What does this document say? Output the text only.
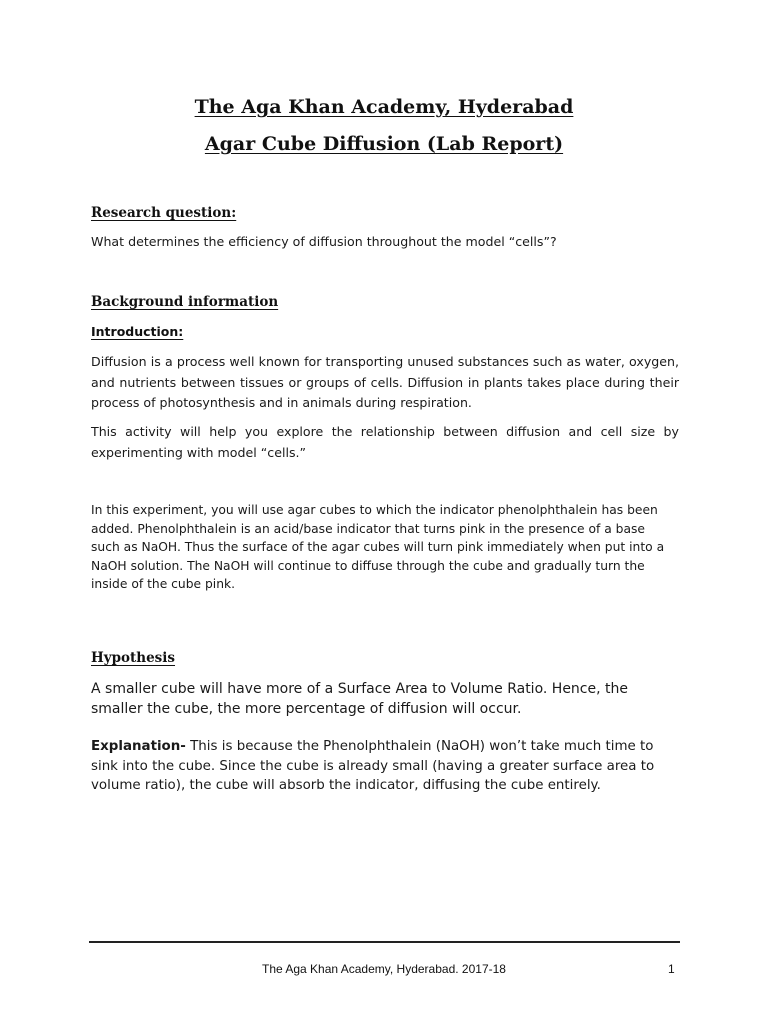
The Aga Khan Academy, Hyderabad
Agar Cube Diffusion (Lab Report)
Research question:
What determines the efficiency of diffusion throughout the model “cells”?
Background information
Introduction:
Diffusion is a process well known for transporting unused substances such as water, oxygen, and nutrients between tissues or groups of cells. Diffusion in plants takes place during their process of photosynthesis and in animals during respiration.
This activity will help you explore the relationship between diffusion and cell size by experimenting with model “cells.”
In this experiment, you will use agar cubes to which the indicator phenolphthalein has been added. Phenolphthalein is an acid/base indicator that turns pink in the presence of a base such as NaOH. Thus the surface of the agar cubes will turn pink immediately when put into a NaOH solution. The NaOH will continue to diffuse through the cube and gradually turn the inside of the cube pink.
Hypothesis
A smaller cube will have more of a Surface Area to Volume Ratio. Hence, the smaller the cube, the more percentage of diffusion will occur.
Explanation- This is because the Phenolphthalein (NaOH) won’t take much time to sink into the cube. Since the cube is already small (having a greater surface area to volume ratio), the cube will absorb the indicator, diffusing the cube entirely.
The Aga Khan Academy, Hyderabad. 2017-18	1
